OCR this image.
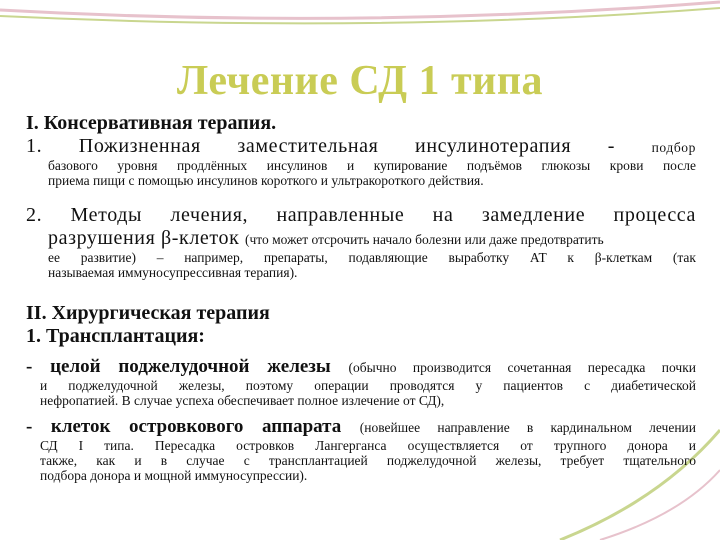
Лечение СД 1 типа
I. Консервативная терапия.
1. Пожизненная заместительная инсулинотерапия - подбор
базового уровня продлённых инсулинов и купирование подъёмов глюкозы крови после
приема пищи с помощью инсулинов короткого и ультракороткого действия.
2. Методы лечения, направленные на замедление процесса
разрушения β-клеток (что может отсрочить начало болезни или даже предотвратить
ее развитие) – например, препараты, подавляющие выработку АТ к β-клеткам (так
называемая иммуносупрессивная терапия).
II. Хирургическая терапия
1. Трансплантация:
- целой поджелудочной железы (обычно производится сочетанная пересадка почки
и поджелудочной железы, поэтому операции проводятся у пациентов с диабетической
нефропатией. В случае успеха обеспечивает полное излечение от СД),
- клеток островкового аппарата (новейшее направление в кардинальном лечении
СД I типа. Пересадка островков Лангерганса осуществляется от трупного донора и
также, как и в случае с трансплантацией поджелудочной железы, требует тщательного
подбора донора и мощной иммуносупрессии).
